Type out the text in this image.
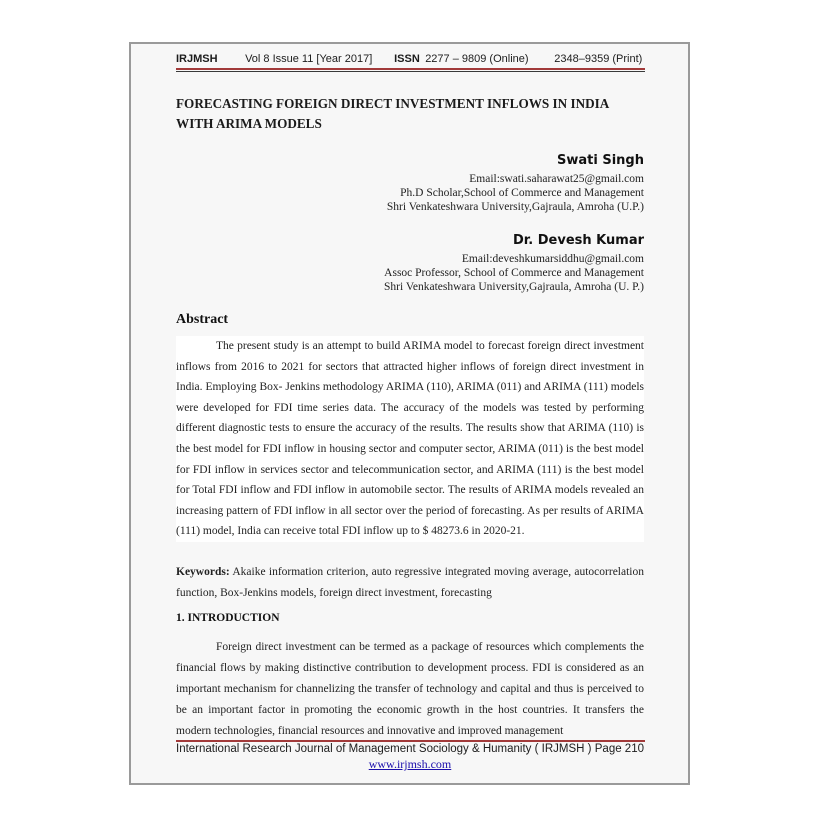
IRJMSH	Vol 8 Issue 11 [Year 2017] ISSN 2277 – 9809 (Online) 2348–9359 (Print)
FORECASTING FOREIGN DIRECT INVESTMENT INFLOWS IN INDIA WITH ARIMA MODELS
Swati Singh
Email:swati.saharawat25@gmail.com
Ph.D Scholar,School of Commerce and Management
Shri Venkateshwara University,Gajraula, Amroha (U.P.)
Dr. Devesh Kumar
Email:deveshkumarsiddhu@gmail.com
Assoc Professor, School of Commerce and Management
Shri Venkateshwara University,Gajraula, Amroha (U. P.)
Abstract
The present study is an attempt to build ARIMA model to forecast foreign direct investment inflows from 2016 to 2021 for sectors that attracted higher inflows of foreign direct investment in India. Employing Box- Jenkins methodology ARIMA (110), ARIMA (011) and ARIMA (111) models were developed for FDI time series data. The accuracy of the models was tested by performing different diagnostic tests to ensure the accuracy of the results. The results show that ARIMA (110) is the best model for FDI inflow in housing sector and computer sector, ARIMA (011) is the best model for FDI inflow in services sector and telecommunication sector, and ARIMA (111) is the best model for Total FDI inflow and FDI inflow in automobile sector. The results of ARIMA models revealed an increasing pattern of FDI inflow in all sector over the period of forecasting. As per results of ARIMA (111) model, India can receive total FDI inflow up to $ 48273.6 in 2020-21.
Keywords: Akaike information criterion, auto regressive integrated moving average, autocorrelation function, Box-Jenkins models, foreign direct investment, forecasting
1. INTRODUCTION
Foreign direct investment can be termed as a package of resources which complements the financial flows by making distinctive contribution to development process. FDI is considered as an important mechanism for channelizing the transfer of technology and capital and thus is perceived to be an important factor in promoting the economic growth in the host countries. It transfers the modern technologies, financial resources and innovative and improved management
International Research Journal of Management Sociology & Humanity ( IRJMSH ) Page 210
www.irjmsh.com
